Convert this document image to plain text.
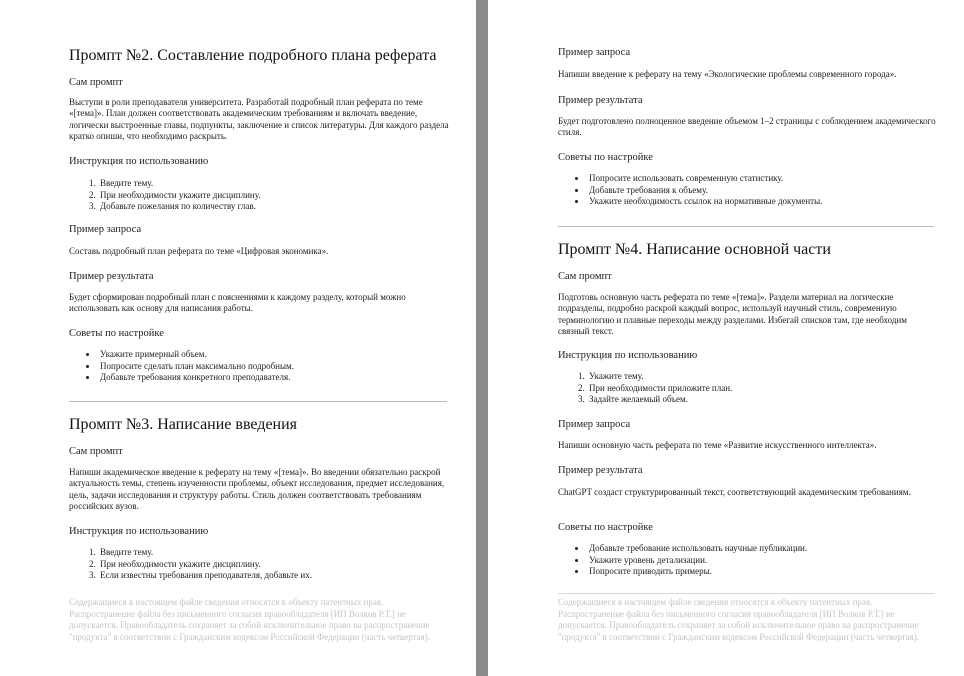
Промпт №2. Составление подробного плана реферата
Сам промпт

Выступи в роли преподавателя университета. Разработай подробный план реферата по теме «[тема]». План должен соответствовать академическим требованиям и включать введение, логически выстроенные главы, подпункты, заключение и список литературы. Для каждого раздела кратко опиши, что необходимо раскрыть.

Инструкция по использованию
1. Введите тему.
2. При необходимости укажите дисциплину.
3. Добавьте пожелания по количеству глав.
Пример запроса

Составь подробный план реферата по теме «Цифровая экономика».

Пример результата

Будет сформирован подробный план с пояснениями к каждому разделу, который можно использовать как основу для написания работы.

Советы по настройке
• Укажите примерный объем.
• Попросите сделать план максимально подробным.
• Добавьте требования конкретного преподавателя.
Промпт №3. Написание введения
Сам промпт

Напиши академическое введение к реферату на тему «[тема]». Во введении обязательно раскрой актуальность темы, степень изученности проблемы, объект исследования, предмет исследования, цель, задачи исследования и структуру работы. Стиль должен соответствовать требованиям российских вузов.

Инструкция по использованию
1. Введите тему.
2. При необходимости укажите дисциплину.
3. Если известны требования преподавателя, добавьте их.

Содержащиеся в настоящем файле сведения относятся к объекту патентных прав. Распространение файла без письменного согласия правообладателя [ИП Волков Р.Т.] не допускается. Правообладатель сохраняет за собой исключительное право на распространение "продукта" в соответствии с Гражданским кодексом Российской Федерации (часть четвертая).

Пример запроса

Напиши введение к реферату на тему «Экологические проблемы современного города».

Пример результата

Будет подготовлено полноценное введение объемом 1–2 страницы с соблюдением академического стиля.

Советы по настройке
• Попросите использовать современную статистику.
• Добавьте требования к объему.
• Укажите необходимость ссылок на нормативные документы.
Промпт №4. Написание основной части
Сам промпт

Подготовь основную часть реферата по теме «[тема]». Раздели материал на логические подразделы, подробно раскрой каждый вопрос, используй научный стиль, современную терминологию и плавные переходы между разделами. Избегай списков там, где необходим связный текст.

Инструкция по использованию
1. Укажите тему.
2. При необходимости приложите план.
3. Задайте желаемый объем.
Пример запроса

Напиши основную часть реферата по теме «Развитие искусственного интеллекта».

Пример результата

ChatGPT создаст структурированный текст, соответствующий академическим требованиям.

Советы по настройке
• Добавьте требование использовать научные публикации.
• Укажите уровень детализации.
• Попросите приводить примеры.

Содержащиеся в настоящем файле сведения относятся к объекту патентных прав. Распространение файла без письменного согласия правообладателя [ИП Волков Р.Т.] не допускается. Правообладатель сохраняет за собой исключительное право на распространение "продукта" в соответствии с Гражданским кодексом Российской Федерации (часть четвертая).
